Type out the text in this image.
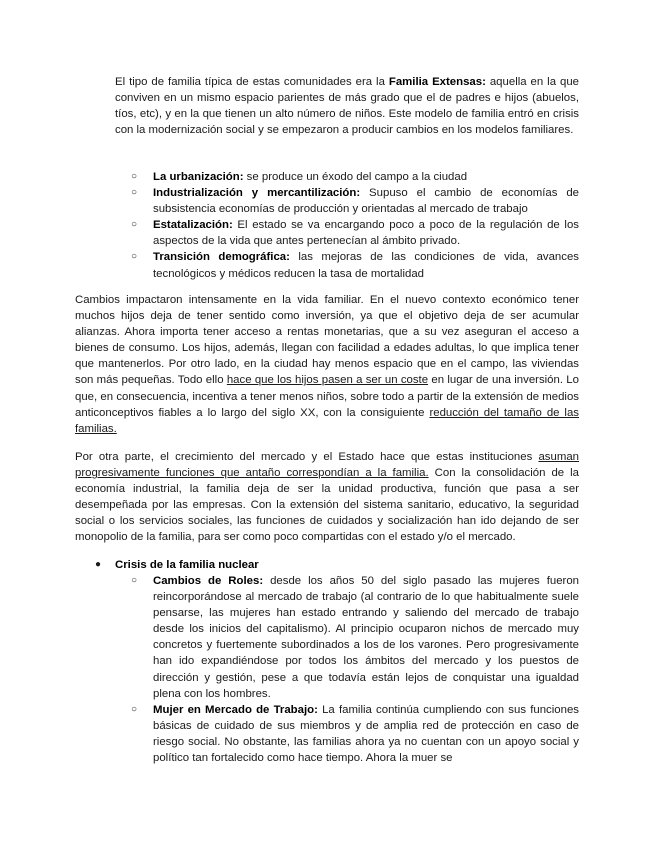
El tipo de familia típica de estas comunidades era la Familia Extensas: aquella en la que conviven en un mismo espacio parientes de más grado que el de padres e hijos (abuelos, tíos, etc), y en la que tienen un alto número de niños. Este modelo de familia entró en crisis con la modernización social y se empezaron a producir cambios en los modelos familiares.

○ La urbanización: se produce un éxodo del campo a la ciudad
○ Industrialización y mercantilización: Supuso el cambio de economías de subsistencia economías de producción y orientadas al mercado de trabajo
○ Estatalización: El estado se va encargando poco a poco de la regulación de los aspectos de la vida que antes pertenecían al ámbito privado.
○ Transición demográfica: las mejoras de las condiciones de vida, avances tecnológicos y médicos reducen la tasa de mortalidad

Cambios impactaron intensamente en la vida familiar. En el nuevo contexto económico tener muchos hijos deja de tener sentido como inversión, ya que el objetivo deja de ser acumular alianzas. Ahora importa tener acceso a rentas monetarias, que a su vez aseguran el acceso a bienes de consumo. Los hijos, además, llegan con facilidad a edades adultas, lo que implica tener que mantenerlos. Por otro lado, en la ciudad hay menos espacio que en el campo, las viviendas son más pequeñas. Todo ello hace que los hijos pasen a ser un coste en lugar de una inversión. Lo que, en consecuencia, incentiva a tener menos niños, sobre todo a partir de la extensión de medios anticonceptivos fiables a lo largo del siglo XX, con la consiguiente reducción del tamaño de las familias.

Por otra parte, el crecimiento del mercado y el Estado hace que estas instituciones asuman progresivamente funciones que antaño correspondían a la familia. Con la consolidación de la economía industrial, la familia deja de ser la unidad productiva, función que pasa a ser desempeñada por las empresas. Con la extensión del sistema sanitario, educativo, la seguridad social o los servicios sociales, las funciones de cuidados y socialización han ido dejando de ser monopolio de la familia, para ser como poco compartidas con el estado y/o el mercado.

●	Crisis de la familia nuclear
○ Cambios de Roles: desde los años 50 del siglo pasado las mujeres fueron reincorporándose al mercado de trabajo (al contrario de lo que habitualmente suele pensarse, las mujeres han estado entrando y saliendo del mercado de trabajo desde los inicios del capitalismo). Al principio ocuparon nichos de mercado muy concretos y fuertemente subordinados a los de los varones. Pero progresivamente han ido expandiéndose por todos los ámbitos del mercado y los puestos de dirección y gestión, pese a que todavía están lejos de conquistar una igualdad plena con los hombres.
○ Mujer en Mercado de Trabajo: La familia continúa cumpliendo con sus funciones básicas de cuidado de sus miembros y de amplia red de protección en caso de riesgo social. No obstante, las familias ahora ya no cuentan con un apoyo social y político tan fortalecido como hace tiempo. Ahora la muer se
